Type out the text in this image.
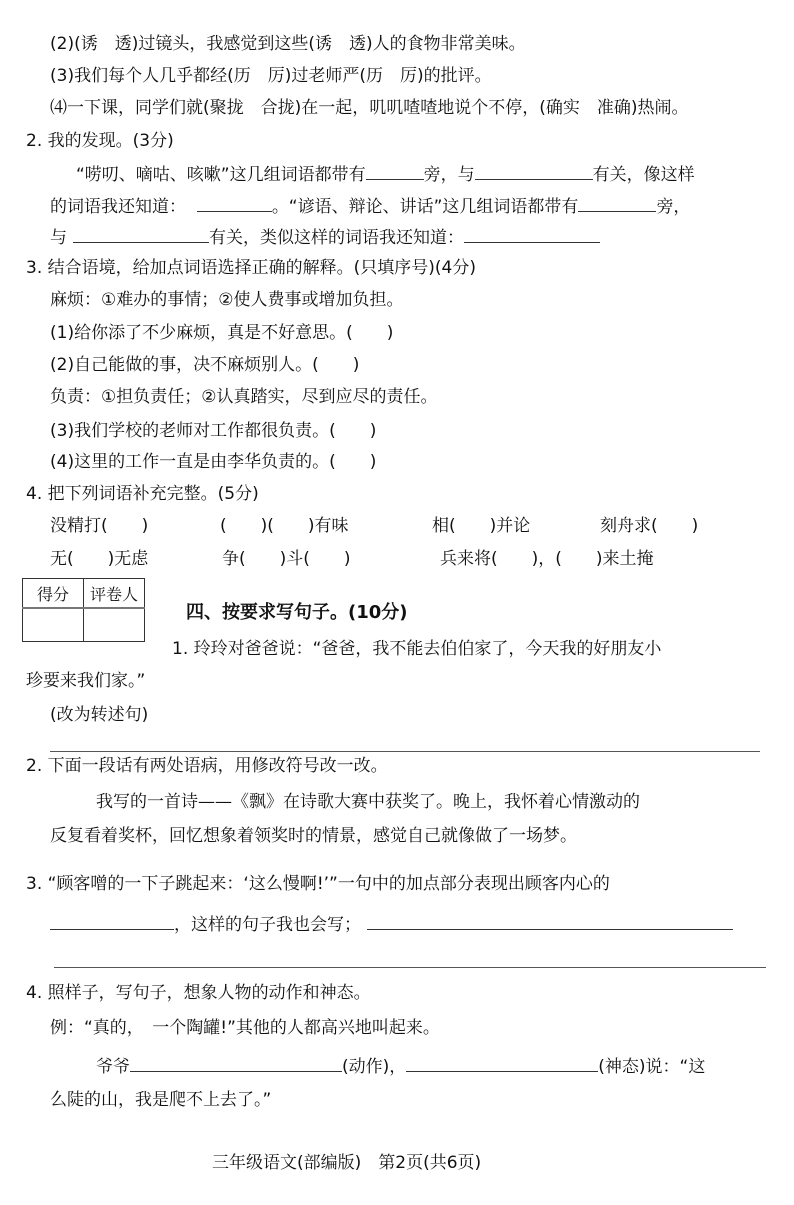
(2)(诱　透)过镜头，我感觉到这些(诱　透)人的食物非常美味。
(3)我们每个人几乎都经(历　厉)过老师严(历　厉)的批评。
⑷一下课，同学们就(聚拢　合拢)在一起，叽叽喳喳地说个不停，(确实　准确)热闹。
2. 我的发现。(3分)
“唠叨、嘀咕、咳嗽”这几组词语都带有	旁，与	有关，像这样
的词语我还知道：	。“谚语、辩论、讲话”这几组词语都带有	旁，
与	有关，类似这样的词语我还知道：
3. 结合语境，给加点词语选择正确的解释。(只填序号)(4分)
麻烦：①难办的事情；②使人费事或增加负担。
(1)给你添了不少麻烦，真是不好意思。(　　)
(2)自己能做的事，决不麻烦别人。(　　)
负责：①担负责任；②认真踏实，尽到应尽的责任。
(3)我们学校的老师对工作都很负责。(　　)
(4)这里的工作一直是由李华负责的。(　　)
4. 把下列词语补充完整。(5分)
没精打(　　)	(　　)(　　)有味	相(　　)并论	刻舟求(　　)
无(　　)无虑	争(　　)斗(　　)	兵来将(　　)，(　　)来土掩
得分	评卷人

四、按要求写句子。(10分)
1. 玲玲对爸爸说：“爸爸，我不能去伯伯家了，今天我的好朋友小
珍要来我们家。”
(改为转述句)
2. 下面一段话有两处语病，用修改符号改一改。
我写的一首诗——《飘》在诗歌大赛中获奖了。晚上，我怀着心情激动的
反复看着奖杯，回忆想象着领奖时的情景，感觉自己就像做了一场梦。
3. “顾客噌的一下子跳起来：‘这么慢啊!’”一句中的加点部分表现出顾客内心的
，这样的句子我也会写；
4. 照样子，写句子，想象人物的动作和神态。
例：“真的，　一个陶罐!”其他的人都高兴地叫起来。
爷爷	(动作)，	(神态)说：“这
么陡的山，我是爬不上去了。”
三年级语文(部编版)　第2页(共6页)
